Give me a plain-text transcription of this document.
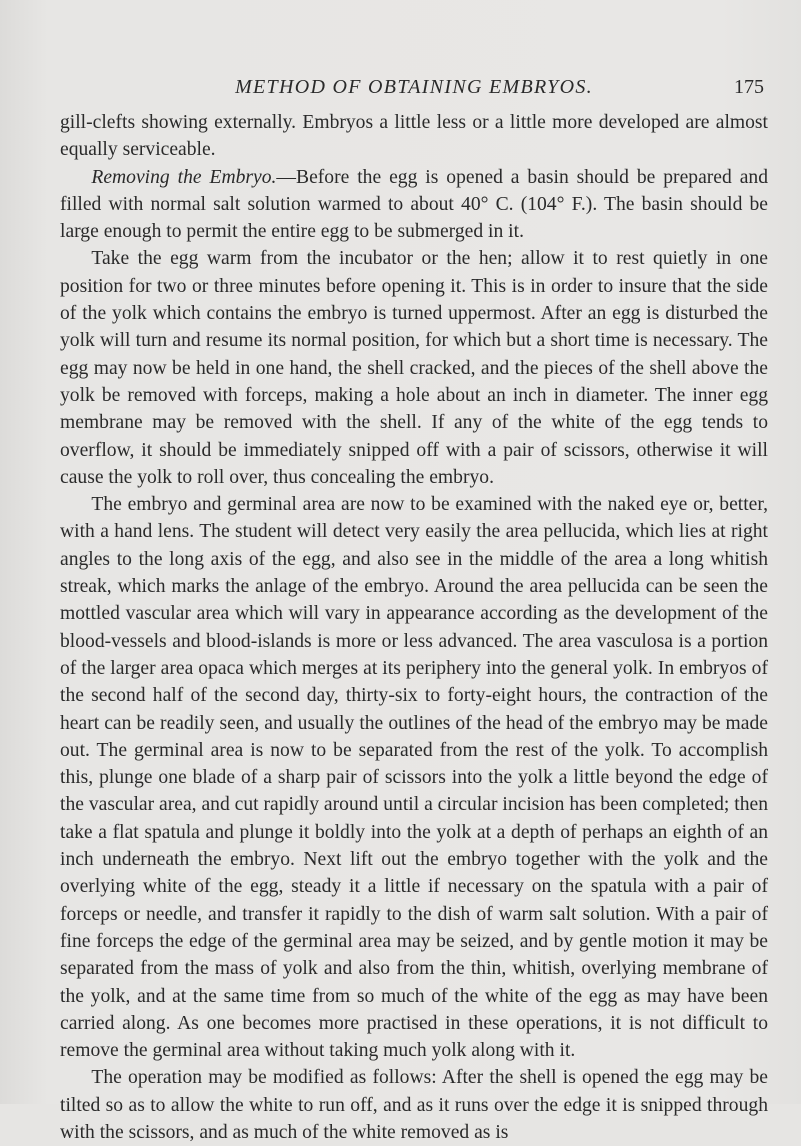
METHOD OF OBTAINING EMBRYOS.	175

gill-clefts showing externally. Embryos a little less or a little more developed are almost equally serviceable.

Removing the Embryo.—Before the egg is opened a basin should be prepared and filled with normal salt solution warmed to about 40° C. (104° F.). The basin should be large enough to permit the entire egg to be submerged in it.

Take the egg warm from the incubator or the hen; allow it to rest quietly in one position for two or three minutes before opening it. This is in order to insure that the side of the yolk which contains the embryo is turned uppermost. After an egg is disturbed the yolk will turn and resume its normal position, for which but a short time is necessary. The egg may now be held in one hand, the shell cracked, and the pieces of the shell above the yolk be removed with forceps, making a hole about an inch in diameter. The inner egg membrane may be removed with the shell. If any of the white of the egg tends to overflow, it should be immediately snipped off with a pair of scissors, otherwise it will cause the yolk to roll over, thus concealing the embryo.

The embryo and germinal area are now to be examined with the naked eye or, better, with a hand lens. The student will detect very easily the area pellucida, which lies at right angles to the long axis of the egg, and also see in the middle of the area a long whitish streak, which marks the anlage of the embryo. Around the area pellucida can be seen the mottled vascular area which will vary in appearance according as the development of the blood-vessels and blood-islands is more or less advanced. The area vasculosa is a portion of the larger area opaca which merges at its periphery into the general yolk. In embryos of the second half of the second day, thirty-six to forty-eight hours, the contraction of the heart can be readily seen, and usually the outlines of the head of the embryo may be made out. The germinal area is now to be separated from the rest of the yolk. To accomplish this, plunge one blade of a sharp pair of scissors into the yolk a little beyond the edge of the vascular area, and cut rapidly around until a circular incision has been completed; then take a flat spatula and plunge it boldly into the yolk at a depth of perhaps an eighth of an inch underneath the embryo. Next lift out the embryo together with the yolk and the overlying white of the egg, steady it a little if necessary on the spatula with a pair of forceps or needle, and transfer it rapidly to the dish of warm salt solution. With a pair of fine forceps the edge of the germinal area may be seized, and by gentle motion it may be separated from the mass of yolk and also from the thin, whitish, overlying membrane of the yolk, and at the same time from so much of the white of the egg as may have been carried along. As one becomes more practised in these operations, it is not difficult to remove the germinal area without taking much yolk along with it.

The operation may be modified as follows: After the shell is opened the egg may be tilted so as to allow the white to run off, and as it runs over the edge it is snipped through with the scissors, and as much of the white removed as is
